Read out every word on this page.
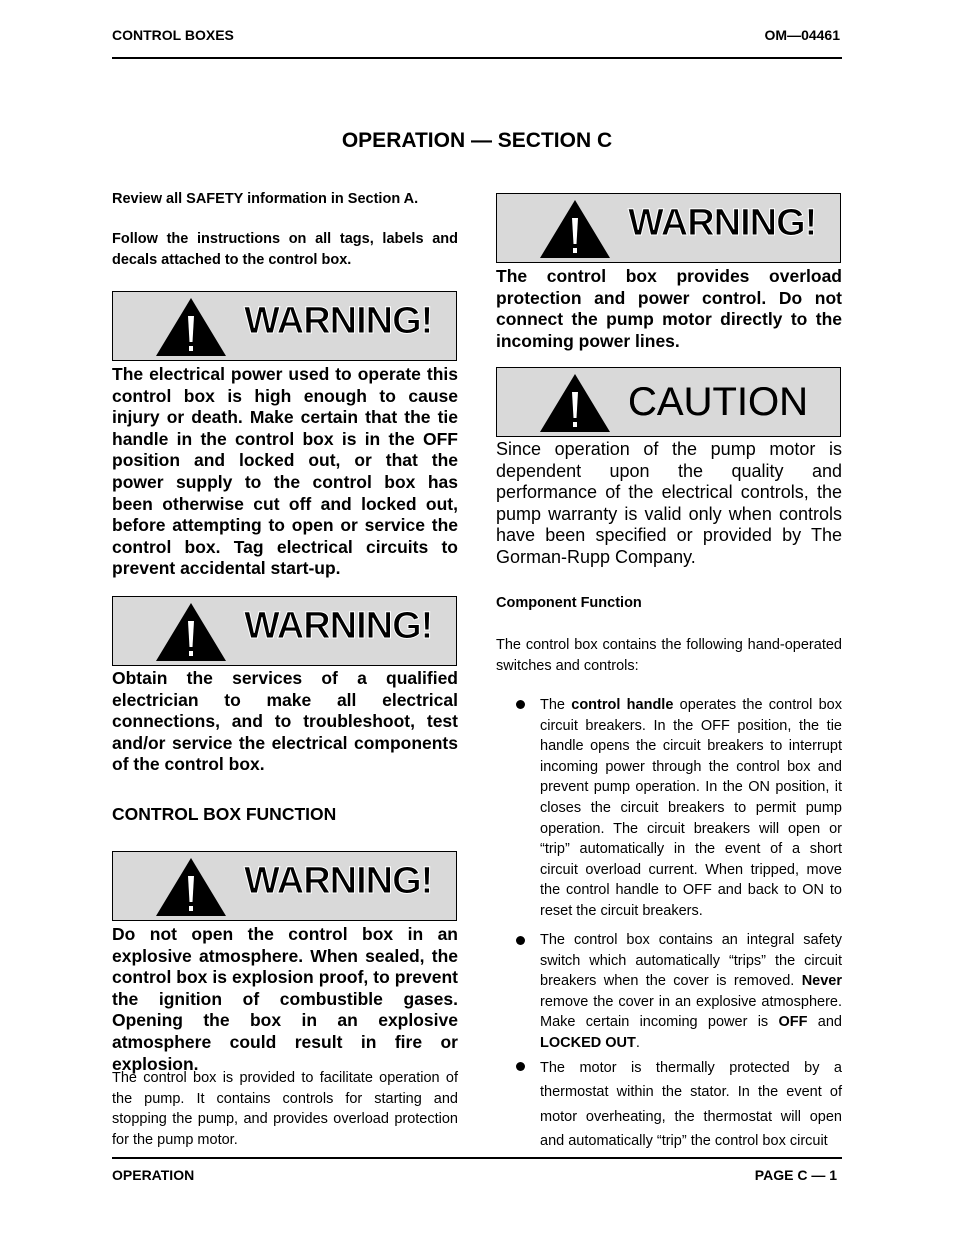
CONTROL BOXES	OM—04461
OPERATION — SECTION C
Review all SAFETY information in Section A.
Follow the instructions on all tags, labels and decals attached to the control box.
WARNING!
The electrical power used to operate this control box is high enough to cause injury or death. Make certain that the tie handle in the control box is in the OFF position and locked out, or that the power supply to the control box has been otherwise cut off and locked out, before attempting to open or service the control box. Tag electrical circuits to prevent accidental start-up.
WARNING!
Obtain the services of a qualified electrician to make all electrical connections, and to troubleshoot, test and/or service the electrical components of the control box.
CONTROL BOX FUNCTION
WARNING!
Do not open the control box in an explosive atmosphere. When sealed, the control box is explosion proof, to prevent the ignition of combustible gases. Opening the box in an explosive atmosphere could result in fire or explosion.
The control box is provided to facilitate operation of the pump. It contains controls for starting and stopping the pump, and provides overload protection for the pump motor.
WARNING!
The control box provides overload protection and power control. Do not connect the pump motor directly to the incoming power lines.
CAUTION
Since operation of the pump motor is dependent upon the quality and performance of the electrical controls, the pump warranty is valid only when controls have been specified or provided by The Gorman-Rupp Company.
Component Function
The control box contains the following hand-operated switches and controls:
The control handle operates the control box circuit breakers. In the OFF position, the tie handle opens the circuit breakers to interrupt incoming power through the control box and prevent pump operation. In the ON position, it closes the circuit breakers to permit pump operation. The circuit breakers will open or “trip” automatically in the event of a short circuit overload current. When tripped, move the control handle to OFF and back to ON to reset the circuit breakers.
The control box contains an integral safety switch which automatically “trips” the circuit breakers when the cover is removed. Never remove the cover in an explosive atmosphere. Make certain incoming power is OFF and LOCKED OUT.
The motor is thermally protected by a thermostat within the stator. In the event of motor overheating, the thermostat will open and automatically “trip” the control box circuit
OPERATION	PAGE C — 1
